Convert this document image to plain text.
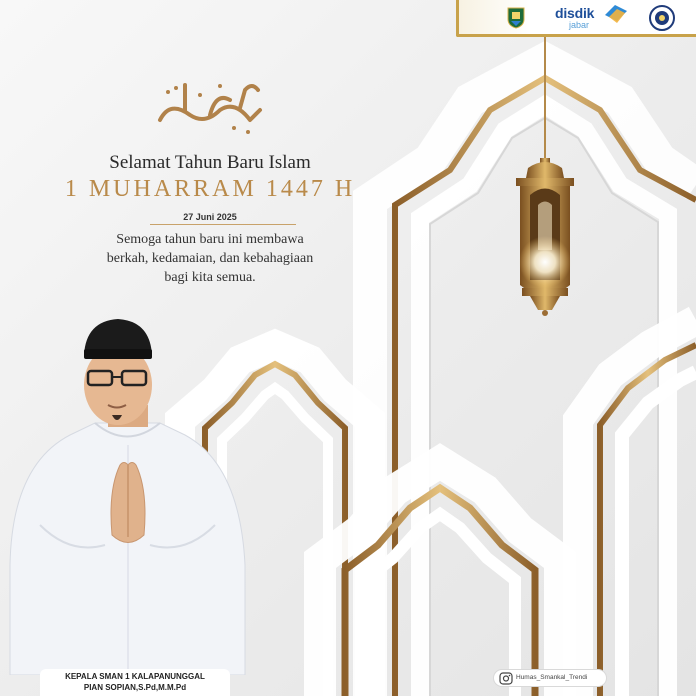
disdik
jabar
Selamat Tahun Baru Islam
1 MUHARRAM 1447 H
27 Juni 2025
Semoga tahun baru ini membawa
berkah, kedamaian, dan kebahagiaan
bagi kita semua.
KEPALA SMAN 1 KALAPANUNGGAL
PIAN SOPIAN,S.Pd,M.M.Pd
Humas_Smankal_Trendi
